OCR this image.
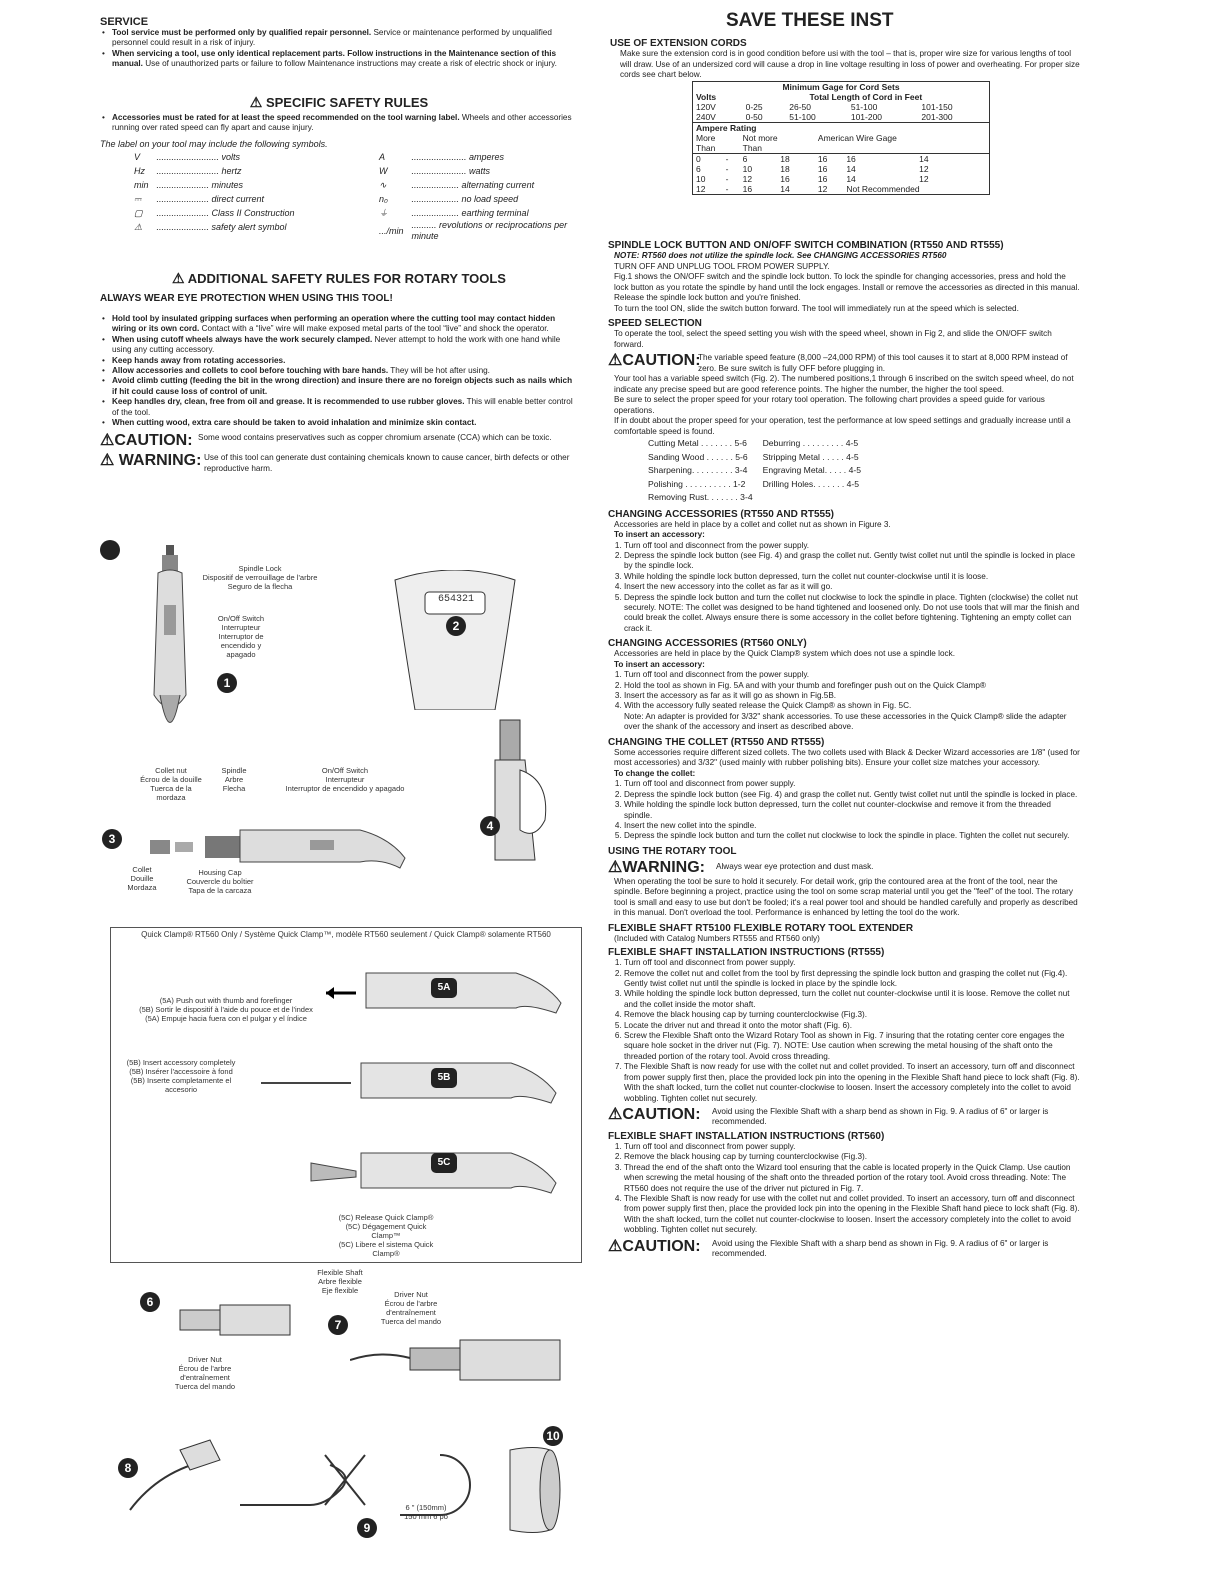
SERVICE

• Tool service must be performed only by qualified repair personnel. Service or maintenance performed by unqualified personnel could result in a risk of injury.
• When servicing a tool, use only identical replacement parts. Follow instructions in the Maintenance section of this manual. Use of unauthorized parts or failure to follow Maintenance instructions may create a risk of electric shock or injury.

⚠ SPECIFIC SAFETY RULES

• Accessories must be rated for at least the speed recommended on the tool warning label. Wheels and other accessories running over rated speed can fly apart and cause injury.

The label on your tool may include the following symbols.

V	......................... volts
Hz	......................... hertz
min	..................... minutes
⎓	..................... direct current
▢	..................... Class II Construction
⚠	..................... safety alert symbol
A	...................... amperes
W	...................... watts
∿	................... alternating current
n₀	................... no load speed
⏚	................... earthing terminal
.../min	.......... revolutions or reciprocations per minute

⚠ ADDITIONAL SAFETY RULES FOR ROTARY TOOLS

ALWAYS WEAR EYE PROTECTION WHEN USING THIS TOOL!

• Hold tool by insulated gripping surfaces when performing an operation where the cutting tool may contact hidden wiring or its own cord. Contact with a “live” wire will make exposed metal parts of the tool “live” and shock the operator.
• When using cutoff wheels always have the work securely clamped. Never attempt to hold the work with one hand while using any cutting accessory.
• Keep hands away from rotating accessories.
• Allow accessories and collets to cool before touching with bare hands. They will be hot after using.
• Avoid climb cutting (feeding the bit in the wrong direction) and insure there are no foreign objects such as nails which if hit could cause loss of control of unit.
• Keep handles dry, clean, free from oil and grease. It is recommended to use rubber gloves. This will enable better control of the tool.
• When cutting wood, extra care should be taken to avoid inhalation and minimize skin contact.
⚠CAUTION: Some wood contains preservatives such as copper chromium arsenate (CCA) which can be toxic.

⚠ WARNING: Use of this tool can generate dust containing chemicals known to cause cancer, birth defects or other reproductive harm.

Spindle Lock
Dispositif de verrouillage de l'arbre
Seguro de la flecha
On/Off Switch
Interrupteur
Interruptor de
encendido y
apagado
1
654321
2
Collet nut
Écrou de la douille
Tuerca de la
mordaza
Spindle
Arbre
Flecha
On/Off Switch
Interrupteur
Interruptor de encendido y apagado
3
Collet
Douille
Mordaza
Housing Cap
Couvercle du boîtier
Tapa de la carcaza
4
Quick Clamp® RT560 Only / Système Quick Clamp™, modèle RT560 seulement / Quick Clamp® solamente RT560
(5A) Push out with thumb and forefinger
(5B) Sortir le dispositif à l'aide du pouce et de l'index
(5A) Empuje hacia fuera con el pulgar y el índice
(5B) Insert accessory completely
(5B) Insérer l'accessoire à fond
(5B) Inserte completamente el accesorio
(5C) Release Quick Clamp®
(5C) Dégagement Quick Clamp™
(5C) Libere el sistema Quick Clamp®
5A
5B
5C
Flexible Shaft
Arbre flexible
Eje flexible
6
Driver Nut
Écrou de l'arbre
d'entraînement
Tuerca del mando
7
Driver Nut
Écrou de l'arbre
d'entraînement
Tuerca del mando
8
6 " (150mm)
150 mm 6 po
9
10

SAVE THESE INST

USE OF EXTENSION CORDS

Make sure the extension cord is in good condition before usi with the tool – that is, proper wire size for various lengths of tool will draw. Use of an undersized cord will cause a drop in line voltage resulting in loss of power and overheating. For proper size cords see chart below.

Minimum Gage for Cord Sets
Volts	Total Length of Cord in Feet			
120V	0-25	26-50	51-100	101-150
240V	0-50	51-100	101-200	201-300
Ampere Rating						
More		Not more		American Wire Gage		
Than		Than				
0	-	6	18	16	16	14
6	-	10	18	16	14	12
10	-	12	16	16	14	12
12	-	16	14	12	Not Recommended	

SPINDLE LOCK BUTTON AND ON/OFF SWITCH COMBINATION (RT550 AND RT555)

NOTE: RT560 does not utilize the spindle lock. See CHANGING ACCESSORIES RT560

TURN OFF AND UNPLUG TOOL FROM POWER SUPPLY.

Fig.1 shows the ON/OFF switch and the spindle lock button. To lock the spindle for changing accessories, press and hold the lock button as you rotate the spindle by hand until the lock engages. Install or remove the accessories as directed in this manual. Release the spindle lock button and you're finished.

To turn the tool ON, slide the switch button forward. The tool will immediately run at the speed which is selected.

SPEED SELECTION

To operate the tool, select the speed setting you wish with the speed wheel, shown in Fig 2, and slide the ON/OFF switch forward.

⚠CAUTION:

The variable speed feature (8,000 –24,000 RPM) of this tool causes it to start at 8,000 RPM instead of zero. Be sure switch is fully OFF before plugging in.

Your tool has a variable speed switch (Fig. 2). The numbered positions,1 through 6 inscribed on the switch speed wheel, do not indicate any precise speed but are good reference points. The higher the number, the higher the tool speed.

Be sure to select the proper speed for your rotary tool operation. The following chart provides a speed guide for various operations.

If in doubt about the proper speed for your operation, test the performance at low speed settings and gradually increase until a comfortable speed is found.

Cutting Metal . . . . . . . 5-6	Deburring . . . . . . . . . 4-5
Sanding Wood . . . . . . 5-6	Stripping Metal . . . . . 4-5
Sharpening. . . . . . . . . 3-4	Engraving Metal. . . . . 4-5
Polishing . . . . . . . . . . 1-2	Drilling Holes. . . . . . . 4-5
Removing Rust. . . . . . . 3-4	

CHANGING ACCESSORIES (RT550 AND RT555)

Accessories are held in place by a collet and collet nut as shown in Figure 3.

To insert an accessory:

1. Turn off tool and disconnect from the power supply.
2. Depress the spindle lock button (see Fig. 4) and grasp the collet nut. Gently twist collet nut until the spindle is locked in place by the spindle lock.
3. While holding the spindle lock button depressed, turn the collet nut counter-clockwise until it is loose.
4. Insert the new accessory into the collet as far as it will go.
5. Depress the spindle lock button and turn the collet nut clockwise to lock the spindle in place. Tighten (clockwise) the collet nut securely. NOTE: The collet was designed to be hand tightened and loosened only. Do not use tools that will mar the finish and could break the collet. Always ensure there is some accessory in the collet before tightening. Tightening an empty collet can crack it.

CHANGING ACCESSORIES (RT560 ONLY)

Accessories are held in place by the Quick Clamp® system which does not use a spindle lock.

To insert an accessory:

1. Turn off tool and disconnect from the power supply.
2. Hold the tool as shown in Fig. 5A and with your thumb and forefinger push out on the Quick Clamp®
3. Insert the accessory as far as it will go as shown in Fig.5B.
4. With the accessory fully seated release the Quick Clamp® as shown in Fig. 5C.

Note: An adapter is provided for 3/32" shank accessories. To use these accessories in the Quick Clamp® slide the adapter over the shank of the accessory and insert as described above.

CHANGING THE COLLET (RT550 AND RT555)

Some accessories require different sized collets. The two collets used with Black & Decker Wizard accessories are 1/8" (used for most accessories) and 3/32" (used mainly with rubber polishing bits). Ensure your collet size matches your accessory.

To change the collet:

1. Turn off tool and disconnect from power supply.
2. Depress the spindle lock button (see Fig. 4) and grasp the collet nut. Gently twist collet nut until the spindle is locked in place.
3. While holding the spindle lock button depressed, turn the collet nut counter-clockwise and remove it from the threaded spindle.
4. Insert the new collet into the spindle.
5. Depress the spindle lock button and turn the collet nut clockwise to lock the spindle in place. Tighten the collet nut securely.

USING THE ROTARY TOOL

⚠WARNING:	Always wear eye protection and dust mask.

When operating the tool be sure to hold it securely. For detail work, grip the contoured area at the front of the tool, near the spindle. Before beginning a project, practice using the tool on some scrap material until you get the "feel" of the tool. The rotary tool is small and easy to use but don't be fooled; it's a real power tool and should be handled carefully and properly as described in this manual. Don't overload the tool. Performance is enhanced by letting the tool do the work.

FLEXIBLE SHAFT RT5100 FLEXIBLE ROTARY TOOL EXTENDER

(Included with Catalog Numbers RT555 and RT560 only)

FLEXIBLE SHAFT INSTALLATION INSTRUCTIONS (RT555)

1. Turn off tool and disconnect from power supply.
2. Remove the collet nut and collet from the tool by first depressing the spindle lock button and grasping the collet nut (Fig.4). Gently twist collet nut until the spindle is locked in place by the spindle lock.
3. While holding the spindle lock button depressed, turn the collet nut counter-clockwise until it is loose. Remove the collet nut and the collet inside the motor shaft.
4. Remove the black housing cap by turning counterclockwise (Fig.3).
5. Locate the driver nut and thread it onto the motor shaft (Fig. 6).
6. Screw the Flexible Shaft onto the Wizard Rotary Tool as shown in Fig. 7 insuring that the rotating center core engages the square hole socket in the driver nut (Fig. 7). NOTE: Use caution when screwing the metal housing of the shaft onto the threaded portion of the rotary tool. Avoid cross threading.
7. The Flexible Shaft is now ready for use with the collet nut and collet provided. To insert an accessory, turn off and disconnect from power supply first then, place the provided lock pin into the opening in the Flexible Shaft hand piece to lock shaft (Fig. 8). With the shaft locked, turn the collet nut counter-clockwise to loosen. Insert the accessory completely into the collet to avoid wobbling. Tighten collet nut securely.
⚠CAUTION:	Avoid using the Flexible Shaft with a sharp bend as shown in Fig. 9. A radius of 6" or larger is recommended.

FLEXIBLE SHAFT INSTALLATION INSTRUCTIONS (RT560)

1. Turn off tool and disconnect from power supply.
2. Remove the black housing cap by turning counterclockwise (Fig.3).
3. Thread the end of the shaft onto the Wizard tool ensuring that the cable is located properly in the Quick Clamp. Use caution when screwing the metal housing of the shaft onto the threaded portion of the rotary tool. Avoid cross threading. Note: The RT560 does not require the use of the driver nut pictured in Fig. 7.
4. The Flexible Shaft is now ready for use with the collet nut and collet provided. To insert an accessory, turn off and disconnect from power supply first then, place the provided lock pin into the opening in the Flexible Shaft hand piece to lock shaft (Fig. 8). With the shaft locked, turn the collet nut counter-clockwise to loosen. Insert the accessory completely into the collet to avoid wobbling. Tighten collet nut securely.
⚠CAUTION:	Avoid using the Flexible Shaft with a sharp bend as shown in Fig. 9. A radius of 6" or larger is recommended.
